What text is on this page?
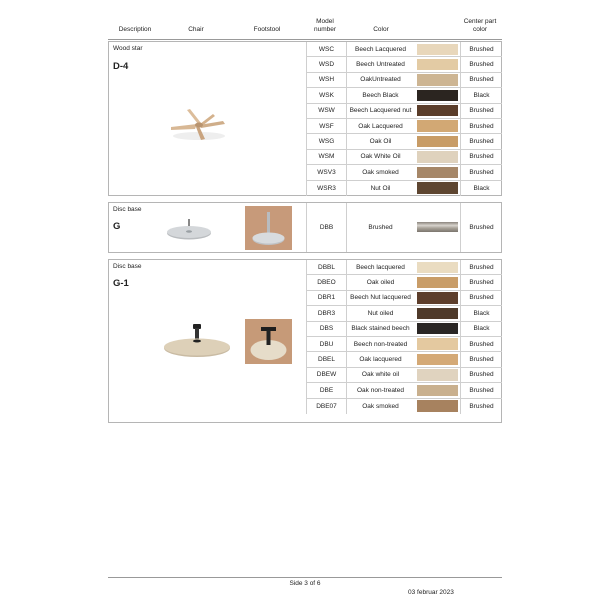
Description	Chair	Footstool
Model
number	Color
Center part
color
Wood star
D-4
WSC	Beech Lacquered	Brushed
WSD	Beech Untreated	Brushed
WSH	OakUntreated	Brushed
WSK	Beech Black	Black
WSW	Beech Lacquered nut	Brushed
WSF	Oak Lacquered	Brushed
WSG	Oak Oil	Brushed
WSM	Oak White Oil	Brushed
WSV3	Oak smoked	Brushed
WSR3	Nut Oil	Black
Disc base
G	DBB	Brushed	Brushed
Disc base
G-1
DBBL	Beech lacquered	Brushed
DBEO	Oak oiled	Brushed
DBR1	Beech Nut lacquered	Brushed
DBR3	Nut oiled	Black
DBS	Black stained beech	Black
DBU	Beech non-treated	Brushed
DBEL	Oak lacquered	Brushed
DBEW	Oak white oil	Brushed
DBE	Oak non-treated	Brushed
DBE07	Oak smoked	Brushed
Side 3 of 6
03 februar 2023
